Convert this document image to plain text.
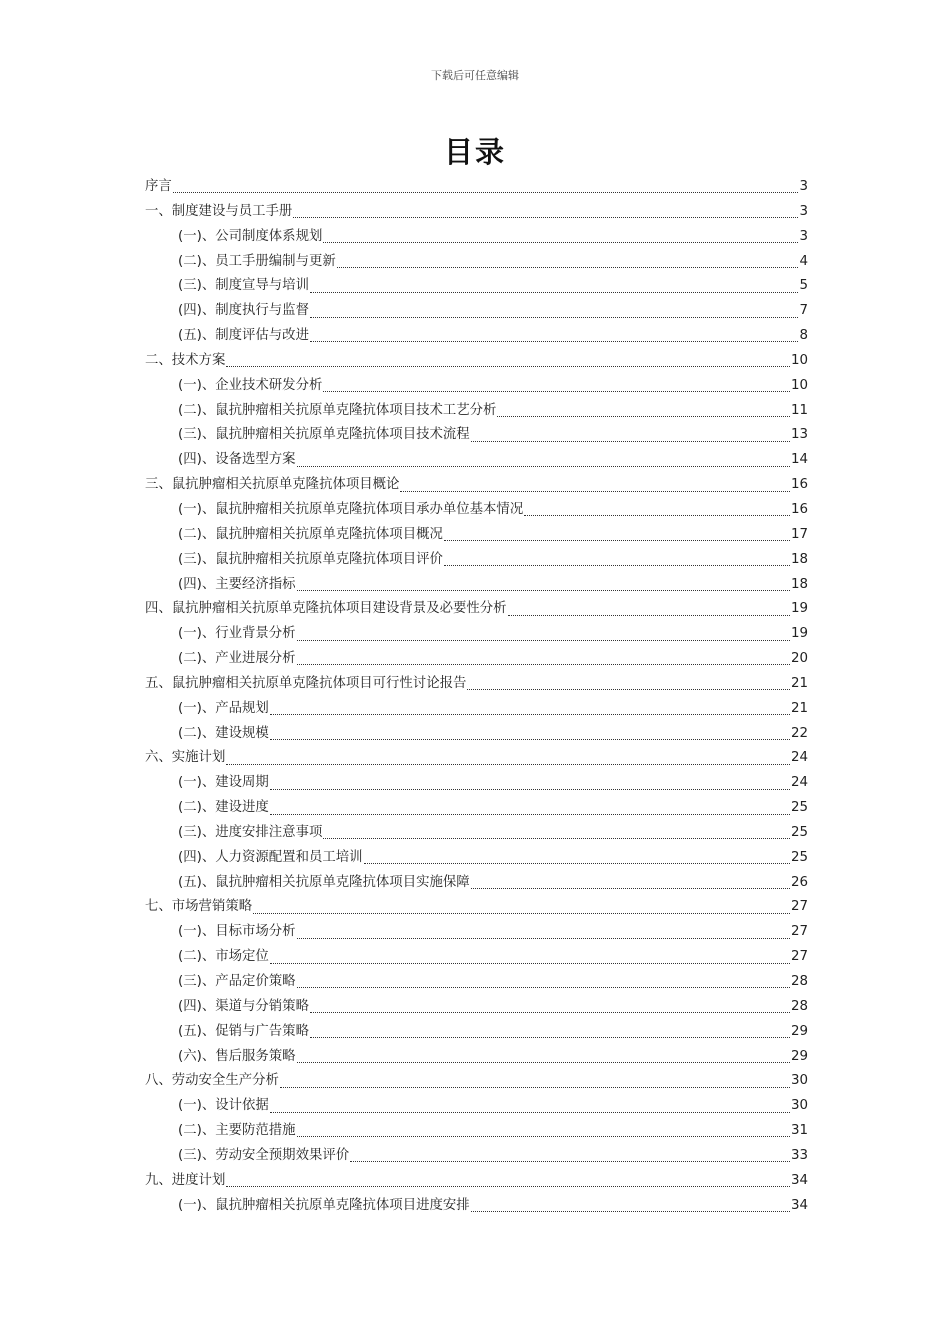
下载后可任意编辑
目录
序言	3
一、制度建设与员工手册	3
(一)、公司制度体系规划	3
(二)、员工手册编制与更新	4
(三)、制度宣导与培训	5
(四)、制度执行与监督	7
(五)、制度评估与改进	8
二、技术方案	10
(一)、企业技术研发分析	10
(二)、鼠抗肿瘤相关抗原单克隆抗体项目技术工艺分析	11
(三)、鼠抗肿瘤相关抗原单克隆抗体项目技术流程	13
(四)、设备选型方案	14
三、鼠抗肿瘤相关抗原单克隆抗体项目概论	16
(一)、鼠抗肿瘤相关抗原单克隆抗体项目承办单位基本情况	16
(二)、鼠抗肿瘤相关抗原单克隆抗体项目概况	17
(三)、鼠抗肿瘤相关抗原单克隆抗体项目评价	18
(四)、主要经济指标	18
四、鼠抗肿瘤相关抗原单克隆抗体项目建设背景及必要性分析	19
(一)、行业背景分析	19
(二)、产业进展分析	20
五、鼠抗肿瘤相关抗原单克隆抗体项目可行性讨论报告	21
(一)、产品规划	21
(二)、建设规模	22
六、实施计划	24
(一)、建设周期	24
(二)、建设进度	25
(三)、进度安排注意事项	25
(四)、人力资源配置和员工培训	25
(五)、鼠抗肿瘤相关抗原单克隆抗体项目实施保障	26
七、市场营销策略	27
(一)、目标市场分析	27
(二)、市场定位	27
(三)、产品定价策略	28
(四)、渠道与分销策略	28
(五)、促销与广告策略	29
(六)、售后服务策略	29
八、劳动安全生产分析	30
(一)、设计依据	30
(二)、主要防范措施	31
(三)、劳动安全预期效果评价	33
九、进度计划	34
(一)、鼠抗肿瘤相关抗原单克隆抗体项目进度安排	34
